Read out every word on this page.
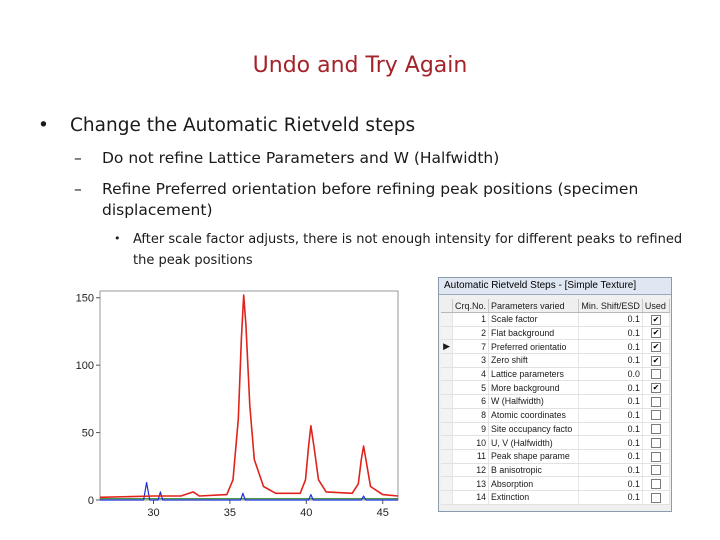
Undo and Try Again
• Change the Automatic Rietveld steps
– Do not refine Lattice Parameters and W (Halfwidth)
– Refine Preferred orientation before refining peak positions (specimen displacement)
• After scale factor adjusts, there is not enough intensity for different peaks to refined the peak positions
150
100
50
0
30	35	40	45
Automatic Rietveld Steps - [Simple Texture]
	Crq.No.	Parameters varied	Min. Shift/ESD	Used
	1	Scale factor	0.1	✔
	2	Flat background	0.1	✔
▶	7	Preferred orientatio	0.1	✔
	3	Zero shift	0.1	✔
	4	Lattice parameters	0.0	
	5	More background	0.1	✔
	6	W (Halfwidth)	0.1	
	8	Atomic coordinates	0.1	
	9	Site occupancy facto	0.1	
	10	U, V (Halfwidth)	0.1	
	11	Peak shape parame	0.1	
	12	B anisotropic	0.1	
	13	Absorption	0.1	
	14	Extinction	0.1	
